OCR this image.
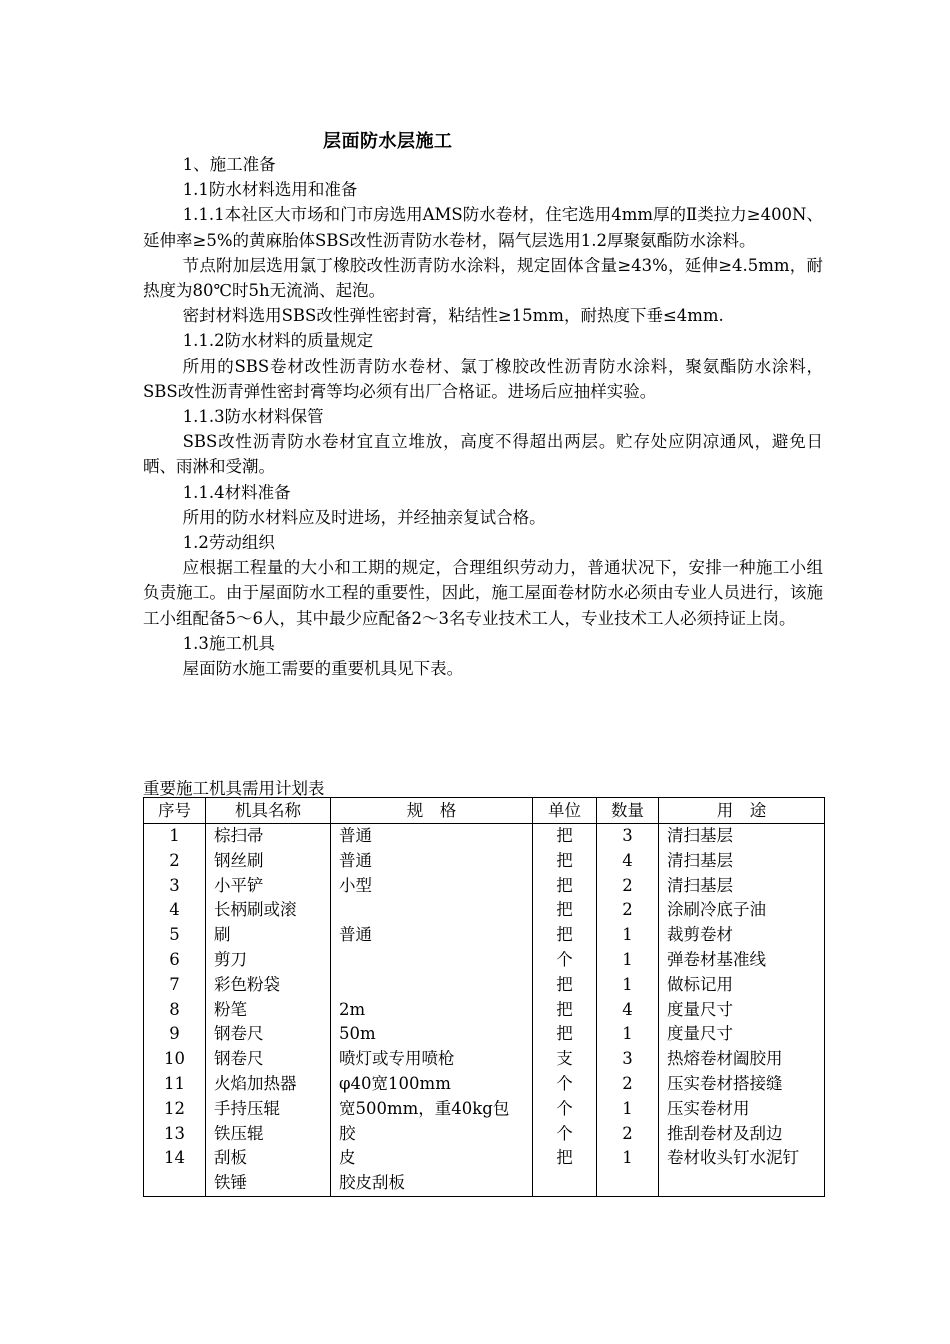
层面防水层施工

1、施工准备

1.1防水材料选用和准备

1.1.1本社区大市场和门市房选用AMS防水卷材，住宅选用4mm厚的Ⅱ类拉力≥400N、延伸率≥5%的黄麻胎体SBS改性沥青防水卷材，隔气层选用1.2厚聚氨酯防水涂料。

节点附加层选用氯丁橡胶改性沥青防水涂料，规定固体含量≥43%，延伸≥4.5mm，耐热度为80℃时5h无流淌、起泡。

密封材料选用SBS改性弹性密封膏，粘结性≥15mm，耐热度下垂≤4mm.

1.1.2防水材料的质量规定

所用的SBS卷材改性沥青防水卷材、氯丁橡胶改性沥青防水涂料，聚氨酯防水涂料，SBS改性沥青弹性密封膏等均必须有出厂合格证。进场后应抽样实验。

1.1.3防水材料保管

SBS改性沥青防水卷材宜直立堆放，高度不得超出两层。贮存处应阴凉通风，避免日晒、雨淋和受潮。

1.1.4材料准备

所用的防水材料应及时进场，并经抽亲复试合格。

1.2劳动组织

应根据工程量的大小和工期的规定，合理组织劳动力，普通状况下，安排一种施工小组负责施工。由于屋面防水工程的重要性，因此，施工屋面卷材防水必须由专业人员进行，该施工小组配备5～6人，其中最少应配备2～3名专业技术工人，专业技术工人必须持证上岗。

1.3施工机具

屋面防水施工需要的重要机具见下表。

重要施工机具需用计划表
序号	机具名称	规　格	单位	数量	用　途
1	棕扫帚	普通	把	3	清扫基层
2	钢丝刷	普通	把	4	清扫基层
3	小平铲	小型	把	2	清扫基层
4	长柄刷或滚		把	2	涂刷冷底子油
5	刷	普通	把	1	裁剪卷材
6	剪刀		个	1	弹卷材基准线
7	彩色粉袋		把	1	做标记用
8	粉笔	2m	把	4	度量尺寸
9	钢卷尺	50m	把	1	度量尺寸
10	钢卷尺	喷灯或专用喷枪	支	3	热熔卷材阖胶用
11	火焰加热器	φ40宽100mm	个	2	压实卷材搭接缝
12	手持压辊	宽500mm，重40kg包	个	1	压实卷材用
13	铁压辊	胶	个	2	推刮卷材及刮边
14	刮板	皮	把	1	卷材收头钉水泥钉
	铁锤	胶皮刮板			
